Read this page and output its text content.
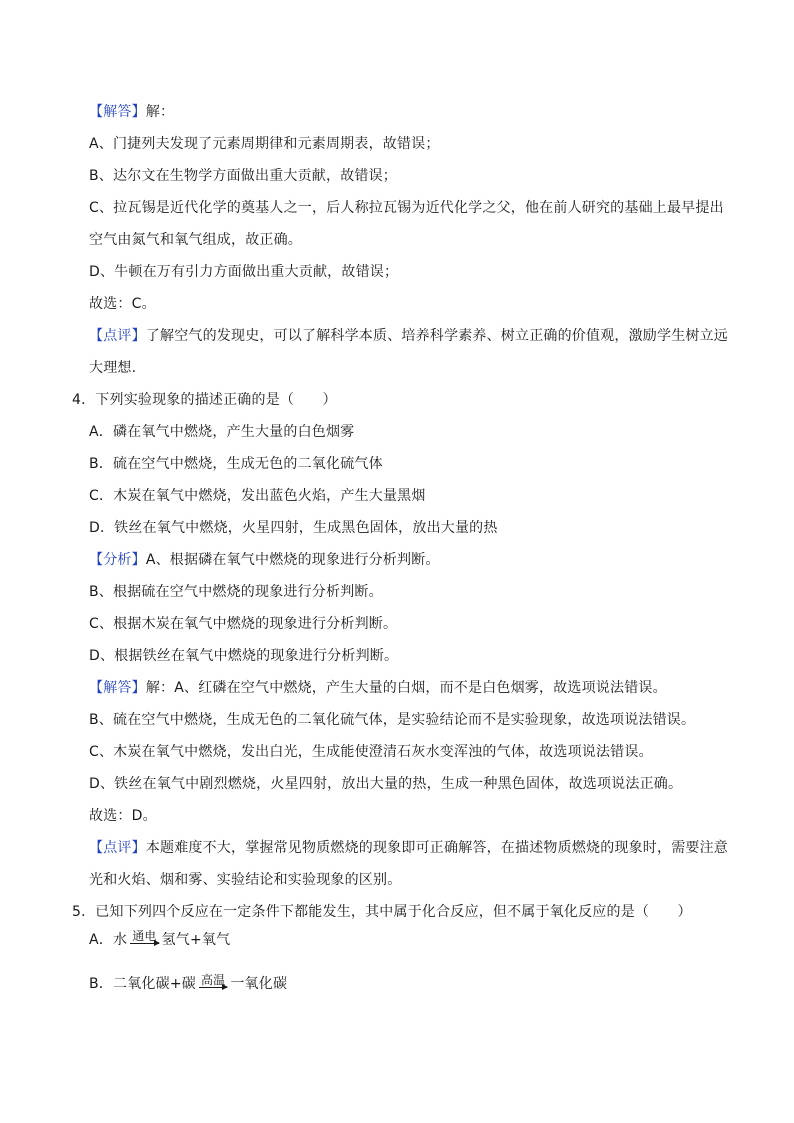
【解答】解：
A、门捷列夫发现了元素周期律和元素周期表，故错误；
B、达尔文在生物学方面做出重大贡献，故错误；
C、拉瓦锡是近代化学的奠基人之一，后人称拉瓦锡为近代化学之父，他在前人研究的基础上最早提出
空气由氮气和氧气组成，故正确。
D、牛顿在万有引力方面做出重大贡献，故错误；
故选：C。
【点评】了解空气的发现史，可以了解科学本质、培养科学素养、树立正确的价值观，激励学生树立远
大理想.
4．下列实验现象的描述正确的是（　　）
A．磷在氧气中燃烧，产生大量的白色烟雾
B．硫在空气中燃烧，生成无色的二氧化硫气体
C．木炭在氧气中燃烧，发出蓝色火焰，产生大量黑烟
D．铁丝在氧气中燃烧，火星四射，生成黑色固体，放出大量的热
【分析】A、根据磷在氧气中燃烧的现象进行分析判断。
B、根据硫在空气中燃烧的现象进行分析判断。
C、根据木炭在氧气中燃烧的现象进行分析判断。
D、根据铁丝在氧气中燃烧的现象进行分析判断。
【解答】解：A、红磷在空气中燃烧，产生大量的白烟，而不是白色烟雾，故选项说法错误。
B、硫在空气中燃烧，生成无色的二氧化硫气体，是实验结论而不是实验现象，故选项说法错误。
C、木炭在氧气中燃烧，发出白光，生成能使澄清石灰水变浑浊的气体，故选项说法错误。
D、铁丝在氧气中剧烈燃烧，火星四射，放出大量的热，生成一种黑色固体，故选项说法正确。
故选：D。
【点评】本题难度不大，掌握常见物质燃烧的现象即可正确解答，在描述物质燃烧的现象时，需要注意
光和火焰、烟和雾、实验结论和实验现象的区别。
5．已知下列四个反应在一定条件下都能发生，其中属于化合反应，但不属于氧化反应的是（　　）
A． 水 通电 氢气+氧气
B． 二氧化碳+碳 高温 一氧化碳
